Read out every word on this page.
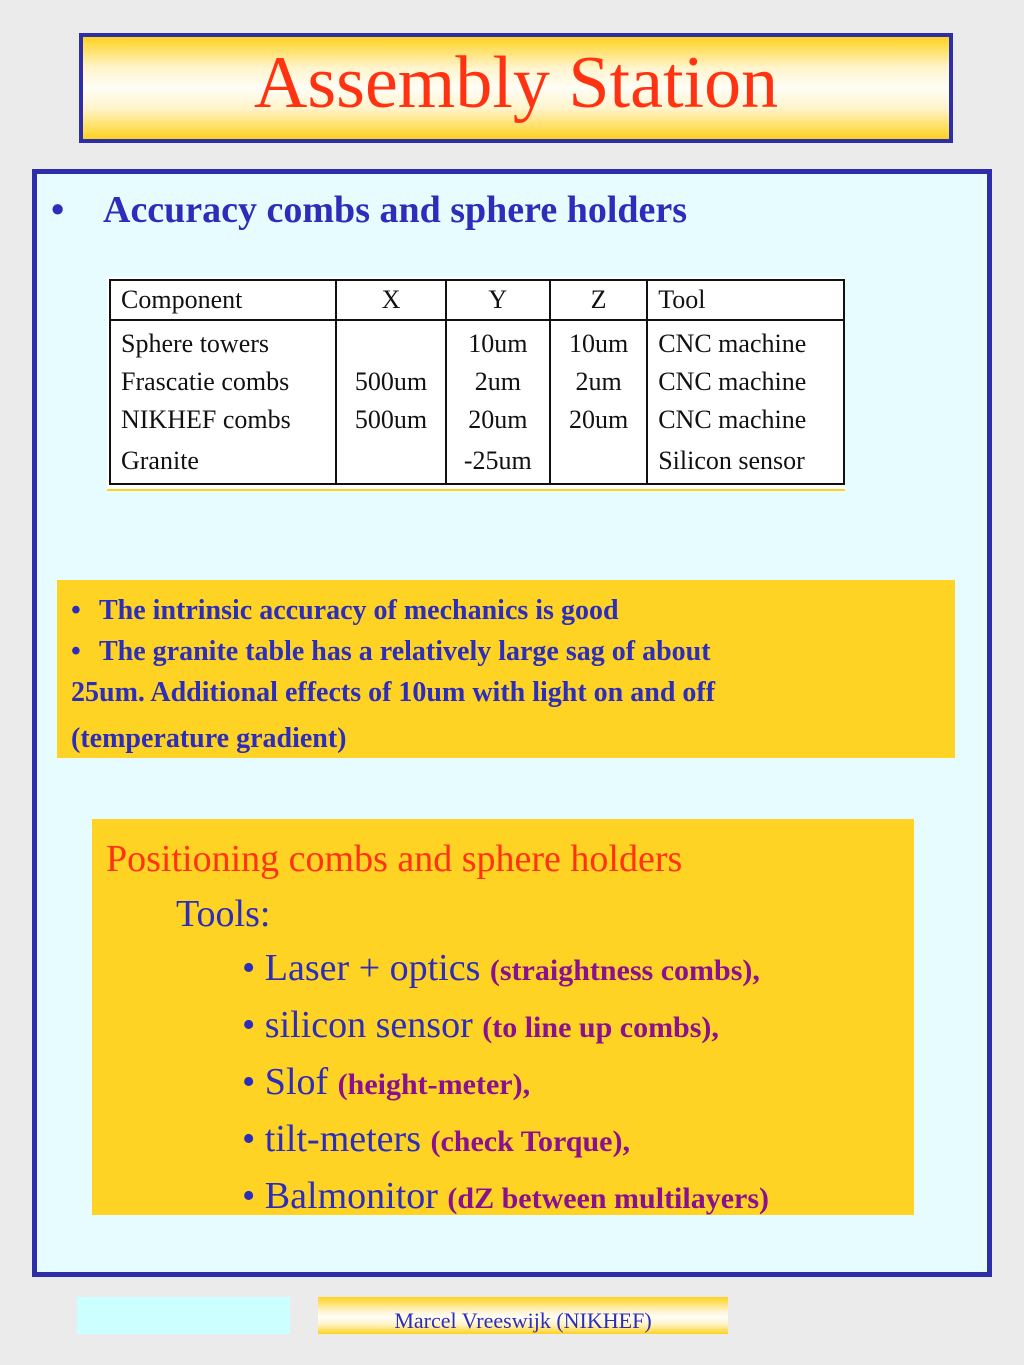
Assembly Station
• Accuracy combs and sphere holders
Component	X	Y	Z	Tool
Sphere towers		10um	10um	CNC machine
Frascatie combs	500um	2um	2um	CNC machine
NIKHEF combs	500um	20um	20um	CNC machine
Granite		-25um		Silicon sensor
• The intrinsic accuracy of mechanics is good
• The granite table has a relatively large sag of about
25um. Additional effects of 10um with light on and off
(temperature gradient)
Positioning combs and sphere holders
Tools:
• Laser + optics (straightness combs),
• silicon sensor (to line up combs),
• Slof (height-meter),
• tilt-meters (check Torque),
• Balmonitor (dZ between multilayers)
Marcel Vreeswijk (NIKHEF)
